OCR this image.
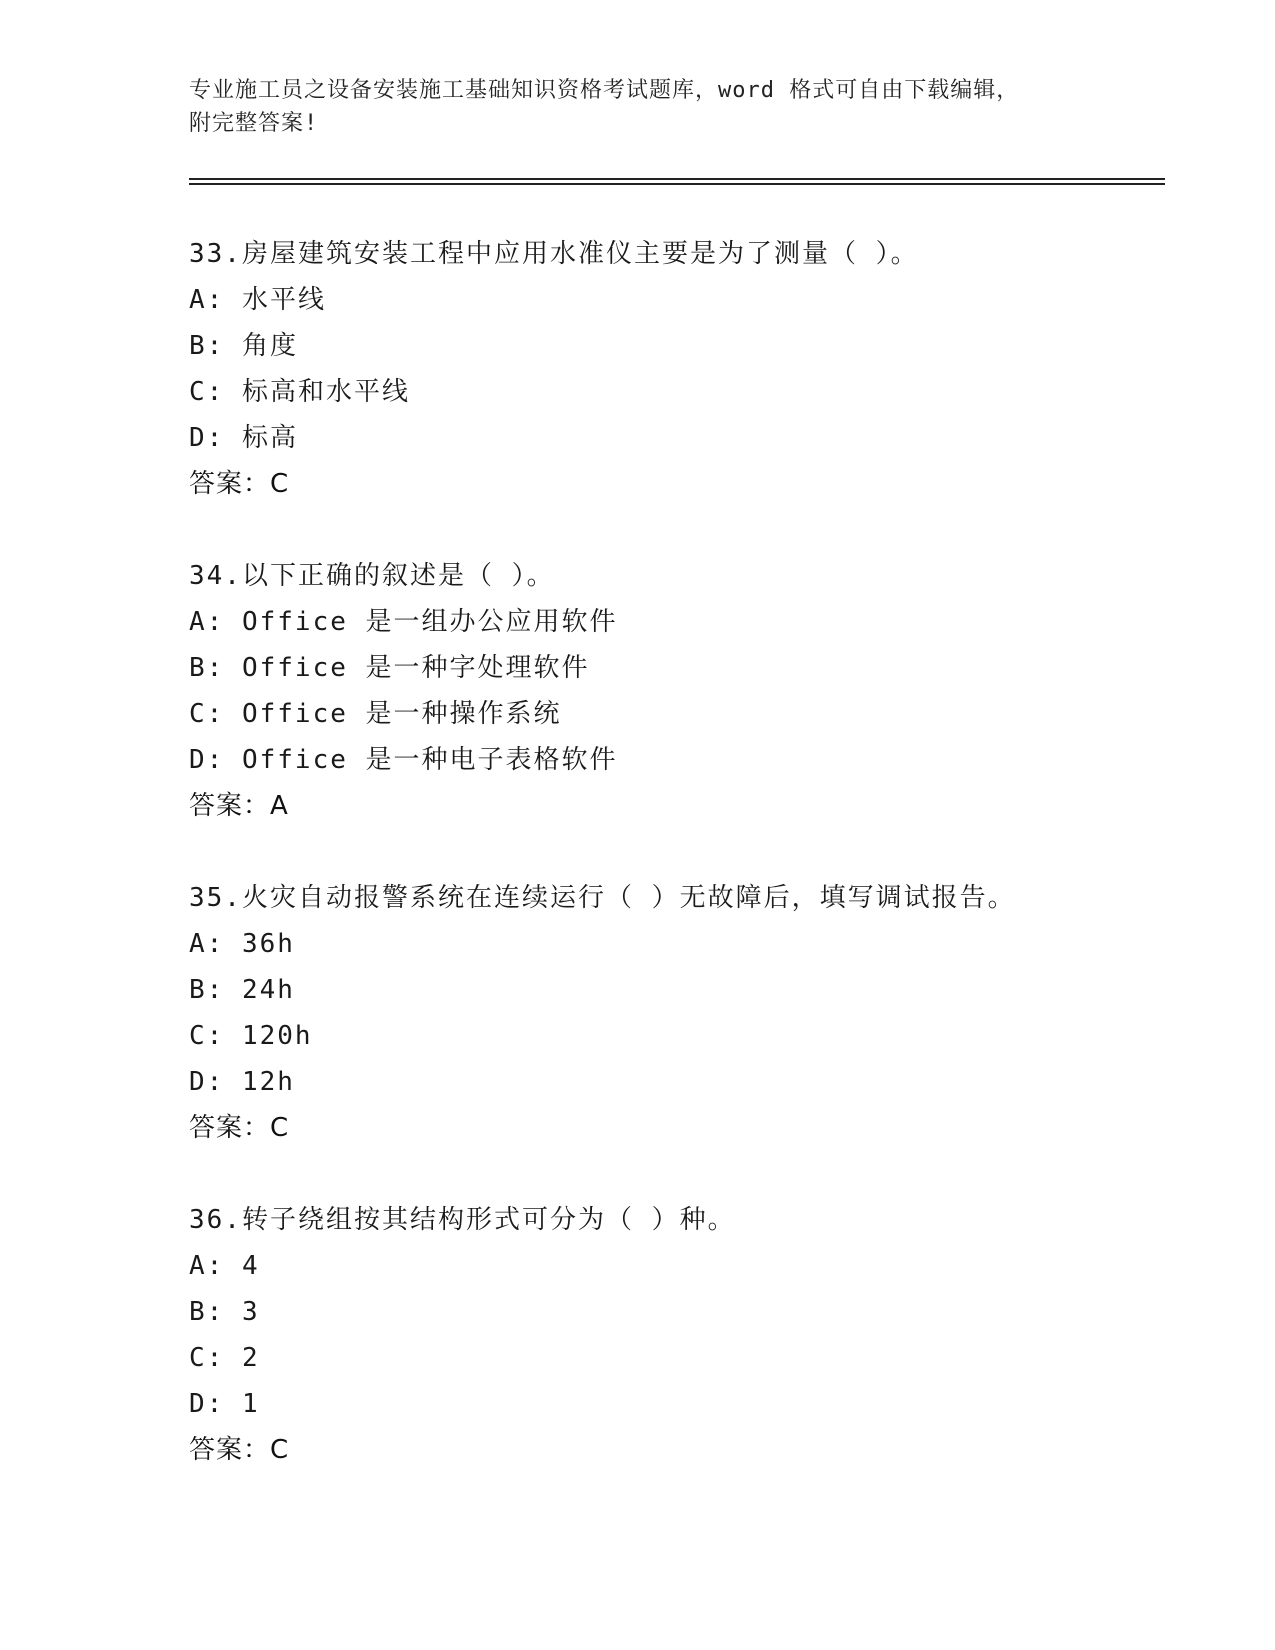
专业施工员之设备安装施工基础知识资格考试题库，word 格式可自由下载编辑，
附完整答案!
33.房屋建筑安装工程中应用水准仪主要是为了测量（ ）。
A: 水平线
B: 角度
C: 标高和水平线
D: 标高
答案：C
34.以下正确的叙述是（ ）。
A: Office 是一组办公应用软件
B: Office 是一种字处理软件
C: Office 是一种操作系统
D: Office 是一种电子表格软件
答案：A
35.火灾自动报警系统在连续运行（ ）无故障后，填写调试报告。
A: 36h
B: 24h
C: 120h
D: 12h
答案：C
36.转子绕组按其结构形式可分为（ ）种。
A: 4
B: 3
C: 2
D: 1
答案：C
